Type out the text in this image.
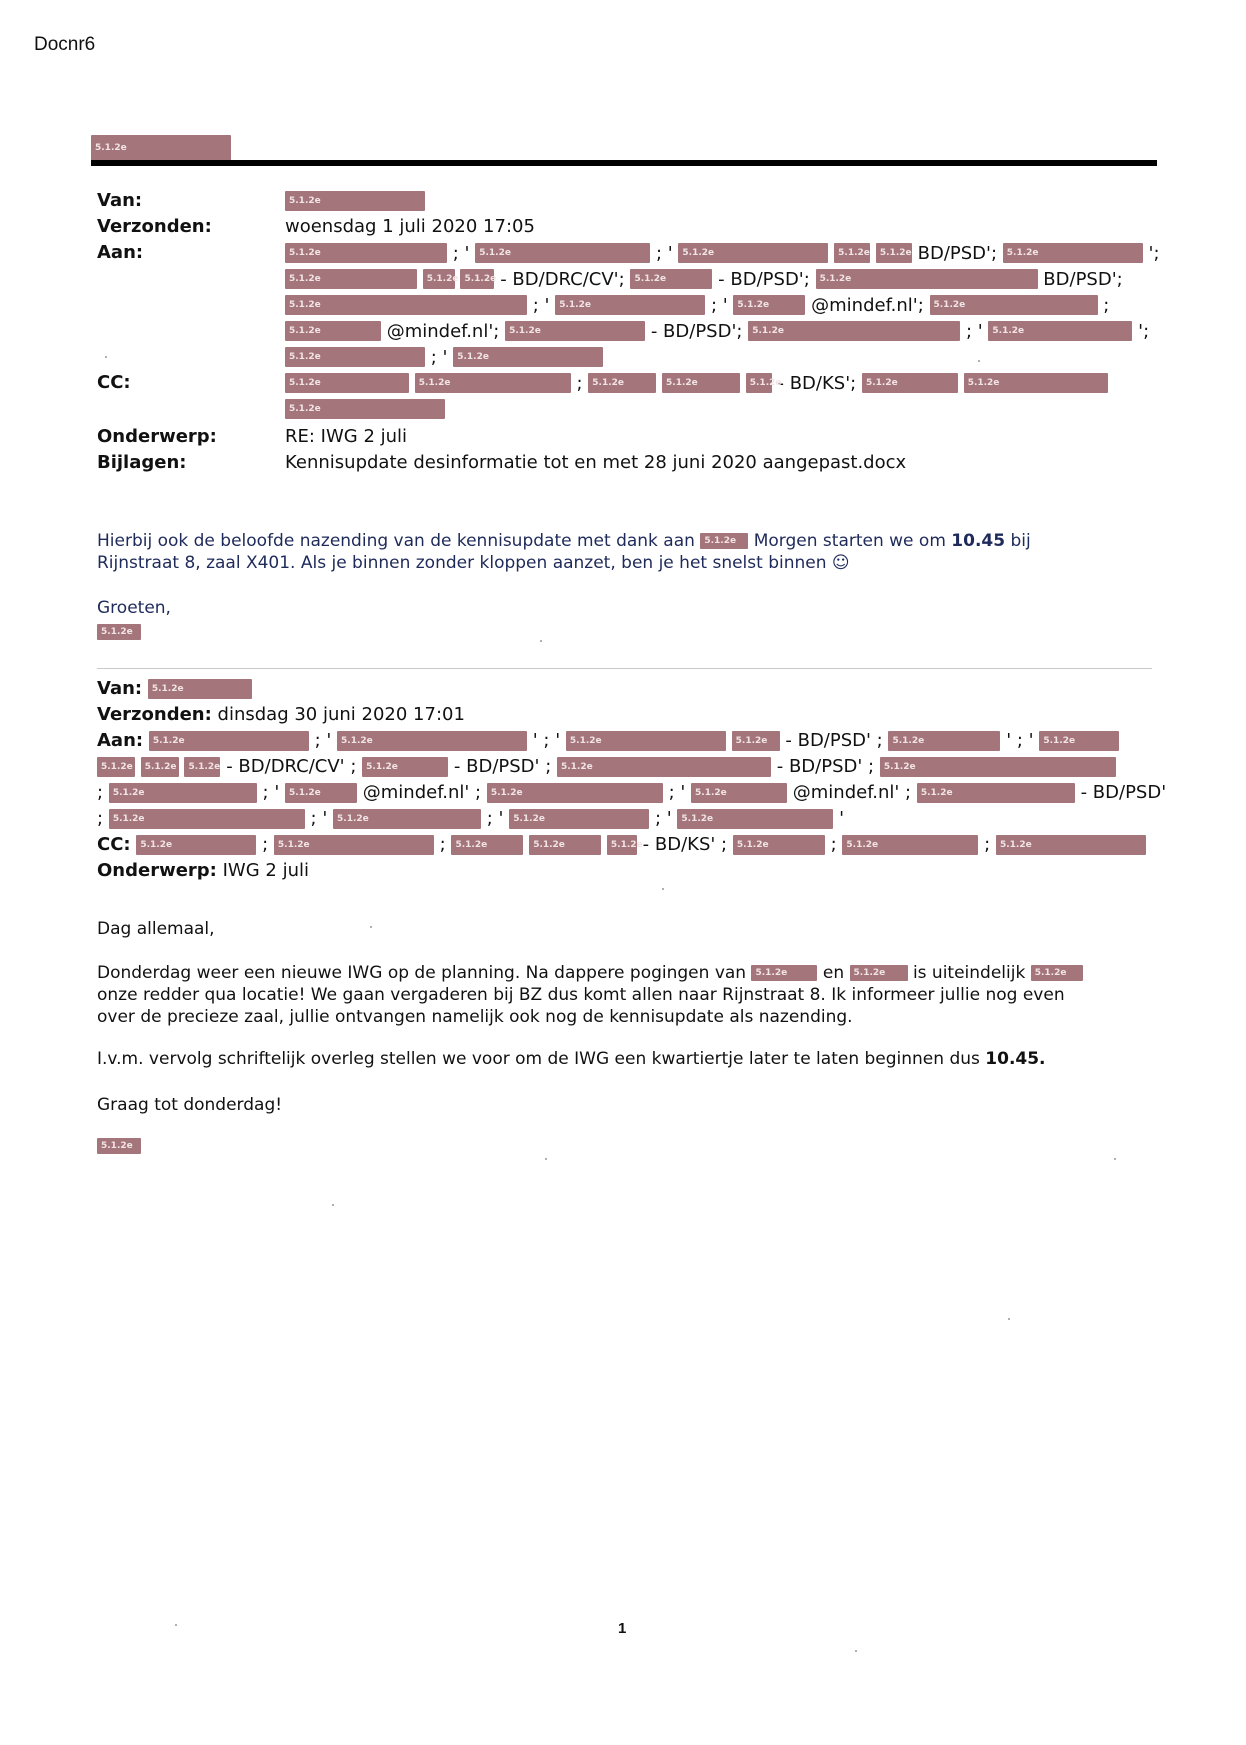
Docnr6
5.1.2e
Van:	5.1.2e
Verzonden:	woensdag 1 juli 2020 17:05
Aan:	5.1.2e	; ' 5.1.2e	; ' 5.1.2e	5.1.2e 5.1.2e BD/PSD'; 5.1.2e	';
5.1.2e	5.1.2e 5.1.2e - BD/DRC/CV'; 5.1.2e	- BD/PSD'; 5.1.2e	BD/PSD';
5.1.2e	; ' 5.1.2e	; ' 5.1.2e @mindef.nl'; 5.1.2e	;
5.1.2e	@mindef.nl'; 5.1.2e	- BD/PSD'; 5.1.2e	; ' 5.1.2e	';
5.1.2e	; ' 5.1.2e
CC:	5.1.2e	5.1.2e	; 5.1.2e	5.1.2e	5.1.2e - BD/KS'; 5.1.2e	5.1.2e
5.1.2e
Onderwerp:	RE: IWG 2 juli
Bijlagen:	Kennisupdate desinformatie tot en met 28 juni 2020 aangepast.docx
Hierbij ook de beloofde nazending van de kennisupdate met dank aan 5.1.2e Morgen starten we om 10.45 bij
Rijnstraat 8, zaal X401. Als je binnen zonder kloppen aanzet, ben je het snelst binnen ☺
Groeten,
5.1.2e
Van: 5.1.2e
Verzonden: dinsdag 30 juni 2020 17:01
Aan: 5.1.2e	; ' 5.1.2e	' ; ' 5.1.2e	5.1.2e - BD/PSD' ; 5.1.2e	' ; ' 5.1.2e
5.1.2e 5.1.2e 5.1.2e - BD/DRC/CV' ; 5.1.2e	- BD/PSD' ; 5.1.2e	- BD/PSD' ; 5.1.2e
; 5.1.2e	; ' 5.1.2e @mindef.nl' ; 5.1.2e	; ' 5.1.2e	@mindef.nl' ; 5.1.2e	- BD/PSD'
; 5.1.2e	; ' 5.1.2e	; ' 5.1.2e	; ' 5.1.2e	'
CC: 5.1.2e	; 5.1.2e	; 5.1.2e	5.1.2e	5.1.2e - BD/KS' ; 5.1.2e	; 5.1.2e	; 5.1.2e
Onderwerp: IWG 2 juli
Dag allemaal,
Donderdag weer een nieuwe IWG op de planning. Na dappere pogingen van 5.1.2e en 5.1.2e is uiteindelijk 5.1.2e
onze redder qua locatie! We gaan vergaderen bij BZ dus komt allen naar Rijnstraat 8. Ik informeer jullie nog even
over de precieze zaal, jullie ontvangen namelijk ook nog de kennisupdate als nazending.
I.v.m. vervolg schriftelijk overleg stellen we voor om de IWG een kwartiertje later te laten beginnen dus 10.45.
Graag tot donderdag!
5.1.2e
1
